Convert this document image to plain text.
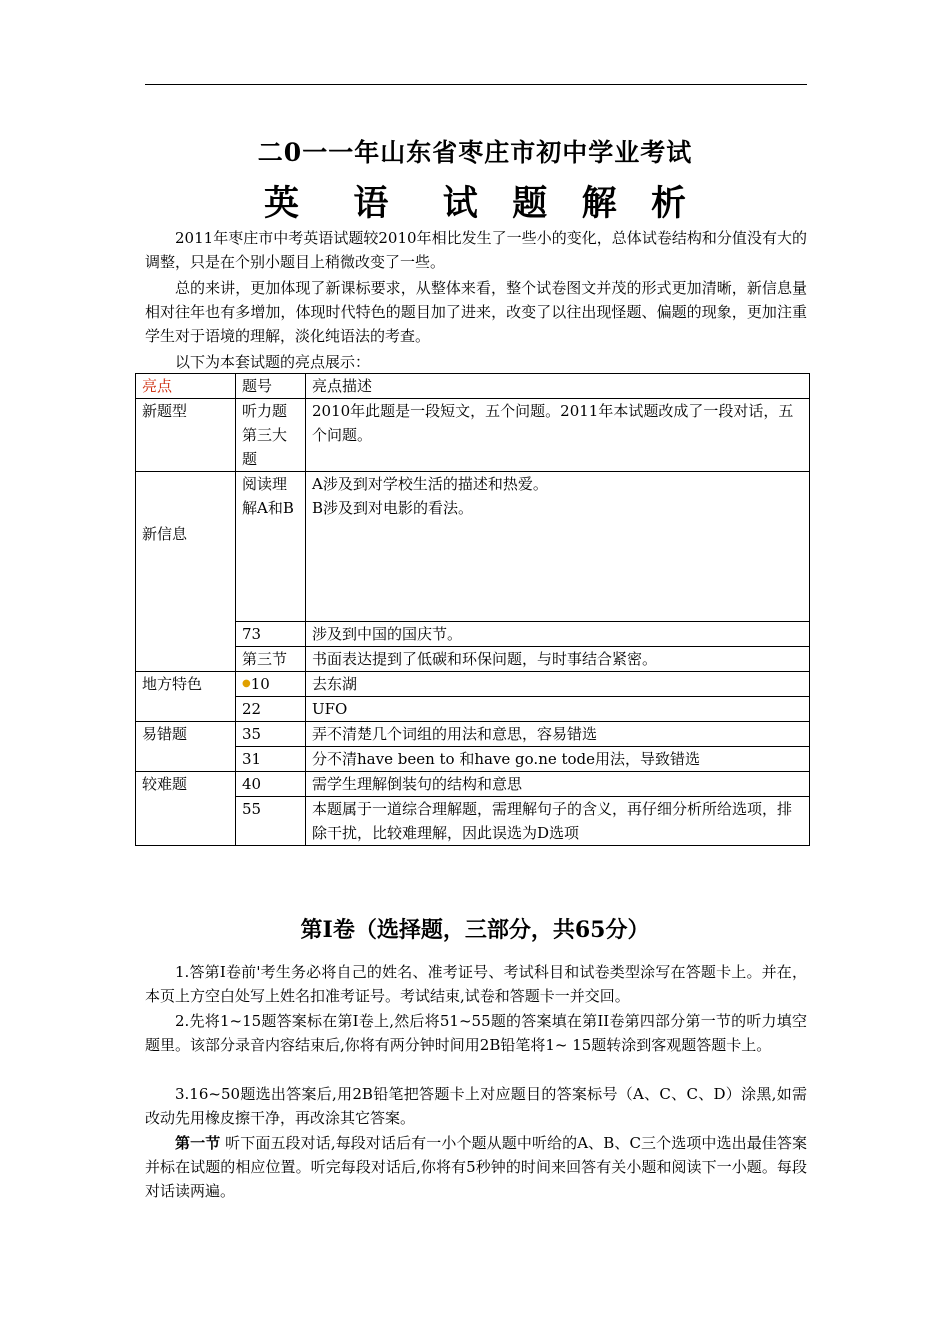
二0一一年山东省枣庄市初中学业考试
英 语 试 题 解 析
2011年枣庄市中考英语试题较2010年相比发生了一些小的变化，总体试卷结构和分值没有大的调整，只是在个别小题目上稍微改变了一些。
总的来讲，更加体现了新课标要求，从整体来看，整个试卷图文并茂的形式更加清晰，新信息量相对往年也有多增加，体现时代特色的题目加了进来，改变了以往出现怪题、偏题的现象，更加注重学生对于语境的理解，淡化纯语法的考查。
以下为本套试题的亮点展示：
亮点	题号	亮点描述
新题型	听力题第三大题	2010年此题是一段短文，五个问题。2011年本试题改成了一段对话，五个问题。
新信息	阅读理解A和B	A涉及到对学校生活的描述和热爱。
B涉及到对电影的看法。

	73	涉及到中国的国庆节。
	第三节	书面表达提到了低碳和环保问题，与时事结合紧密。
地方特色	●10	去东湖
	22	UFO
易错题	35	弄不清楚几个词组的用法和意思，容易错选
	31	分不清have been to 和have go.ne tode用法，导致错选
较难题	40	需学生理解倒装句的结构和意思
	55	本题属于一道综合理解题，需理解句子的含义，再仔细分析所给选项，排除干扰，比较难理解，因此误选为D选项
第I卷（选择题，三部分，共65分）
1.答第I卷前'考生务必将自己的姓名、准考证号、考试科目和试卷类型涂写在答题卡上。并在，本页上方空白处写上姓名扣准考证号。考试结束,试卷和答题卡一并交回。
2.先将1~15题答案标在第I卷上,然后将51~55题的答案填在第II卷第四部分第一节的听力填空题里。该部分录音内容结束后,你将有两分钟时间用2B铅笔将1~ 15题转涂到客观题答题卡上。
3.16~50题选出答案后,用2B铅笔把答题卡上对应题目的答案标号（A、C、C、D）涂黑,如需改动先用橡皮擦干净，再改涂其它答案。
第一节 听下面五段对话,每段对话后有一小个题从题中听给的A、B、C三个选项中选出最佳答案并标在试题的相应位置。听完每段对话后,你将有5秒钟的时间来回答有关小题和阅读下一小题。每段对话读两遍。
